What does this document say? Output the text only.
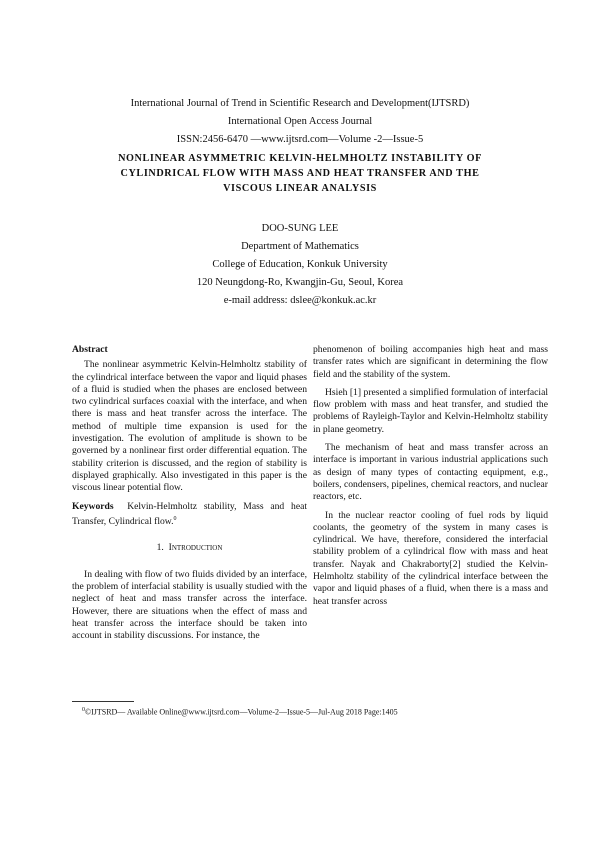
International Journal of Trend in Scientific Research and Development(IJTSRD)
International Open Access Journal
ISSN:2456-6470 —www.ijtsrd.com—Volume -2—Issue-5
NONLINEAR ASYMMETRIC KELVIN-HELMHOLTZ INSTABILITY OF
CYLINDRICAL FLOW WITH MASS AND HEAT TRANSFER AND THE
VISCOUS LINEAR ANALYSIS
DOO-SUNG LEE
Department of Mathematics
College of Education, Konkuk University
120 Neungdong-Ro, Kwangjin-Gu, Seoul, Korea
e-mail address: dslee@konkuk.ac.kr

Abstract

The nonlinear asymmetric Kelvin-Helmholtz stability of the cylindrical interface between the vapor and liquid phases of a fluid is studied when the phases are enclosed between two cylindrical surfaces coaxial with the interface, and when there is mass and heat transfer across the interface. The method of multiple time expansion is used for the investigation. The evolution of amplitude is shown to be governed by a nonlinear first order differential equation. The stability criterion is discussed, and the region of stability is displayed graphically. Also investigated in this paper is the viscous linear potential flow.

Keywords Kelvin-Helmholtz stability, Mass and heat Transfer, Cylindrical flow.$^0$

1. Introduction

In dealing with flow of two fluids divided by an interface, the problem of interfacial stability is usually studied with the neglect of heat and mass transfer across the interface. However, there are situations when the effect of mass and heat transfer across the interface should be taken into account in stability discussions. For instance, the

phenomenon of boiling accompanies high heat and mass transfer rates which are significant in determining the flow field and the stability of the system.

Hsieh [1] presented a simplified formulation of interfacial flow problem with mass and heat transfer, and studied the problems of Rayleigh-Taylor and Kelvin-Helmholtz stability in plane geometry.

The mechanism of heat and mass transfer across an interface is important in various industrial applications such as design of many types of contacting equipment, e.g., boilers, condensers, pipelines, chemical reactors, and nuclear reactors, etc.

In the nuclear reactor cooling of fuel rods by liquid coolants, the geometry of the system in many cases is cylindrical. We have, therefore, considered the interfacial stability problem of a cylindrical flow with mass and heat transfer. Nayak and Chakraborty[2] studied the Kelvin-Helmholtz stability of the cylindrical interface between the vapor and liquid phases of a fluid, when there is a mass and heat transfer across

$^0$©IJTSRD— Available Online@www.ijtsrd.com—Volume-2—Issue-5—Jul-Aug 2018 Page:1405
